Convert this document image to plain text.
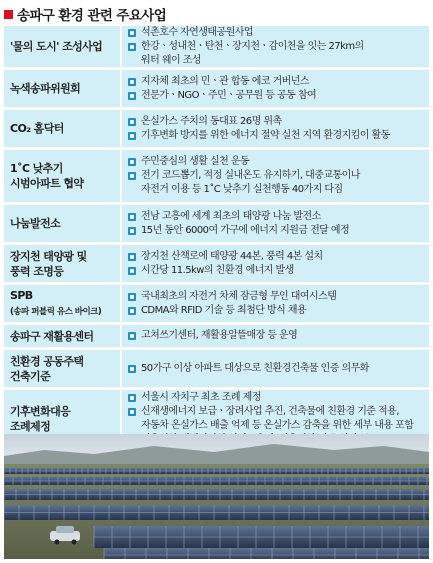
송파구 환경 관련 주요사업
'물의 도시' 조성사업
석촌호수 자연생태공원사업
한강ㆍ성내천ㆍ탄천ㆍ장지천ㆍ감이천을 잇는 27km의
워터 웨이 조성
녹색송파위원회
지자체 최초의 민ㆍ관 합동 에코 거버넌스
전문가ㆍNGOㆍ주민ㆍ공무원 등 공동 참여
CO₂ 홈닥터
온실가스 주치의 동대표 26명 위촉
기후변화 방지를 위한 에너지 절약 실천 지역 환경지킴이 활동
1˚C 낮추기
시범아파트 협약
주민중심의 생활 실천 운동
전기 코드뽑기, 적정 실내온도 유지하기, 대중교통이나
자전거 이용 등 1˚C 낮추기 실천행동 40가지 다짐
나눔발전소
전남 고흥에 세계 최초의 태양광 나눔 발전소
15년 동안 6000여 가구에 에너지 지원금 전달 예정
장지천 태양광 및
풍력 조명등
장지천 산책로에 태양광 44본, 풍력 4본 설치
시간당 11.5kw의 친환경 에너지 발생
SPB
(송파 퍼블릭 유스 바이크)
국내최초의 자전거 차체 잠금형 무인 대여시스템
CDMA와 RFID 기술 등 최첨단 방식 채용
송파구 재활용센터	고쳐쓰기센터, 재활용알뜰매장 등 운영
친환경 공동주택
건축기준
50가구 이상 아파트 대상으로 친환경건축물 인증 의무화
기후변화대응
조례제정
서울시 자치구 최초 조례 제정
신재생에너지 보급ㆍ장려사업 추진, 건축물에 친환경 기준 적용,
자동차 온실가스 배출 억제 등 온실가스 감축을 위한 세부 내용 포함
